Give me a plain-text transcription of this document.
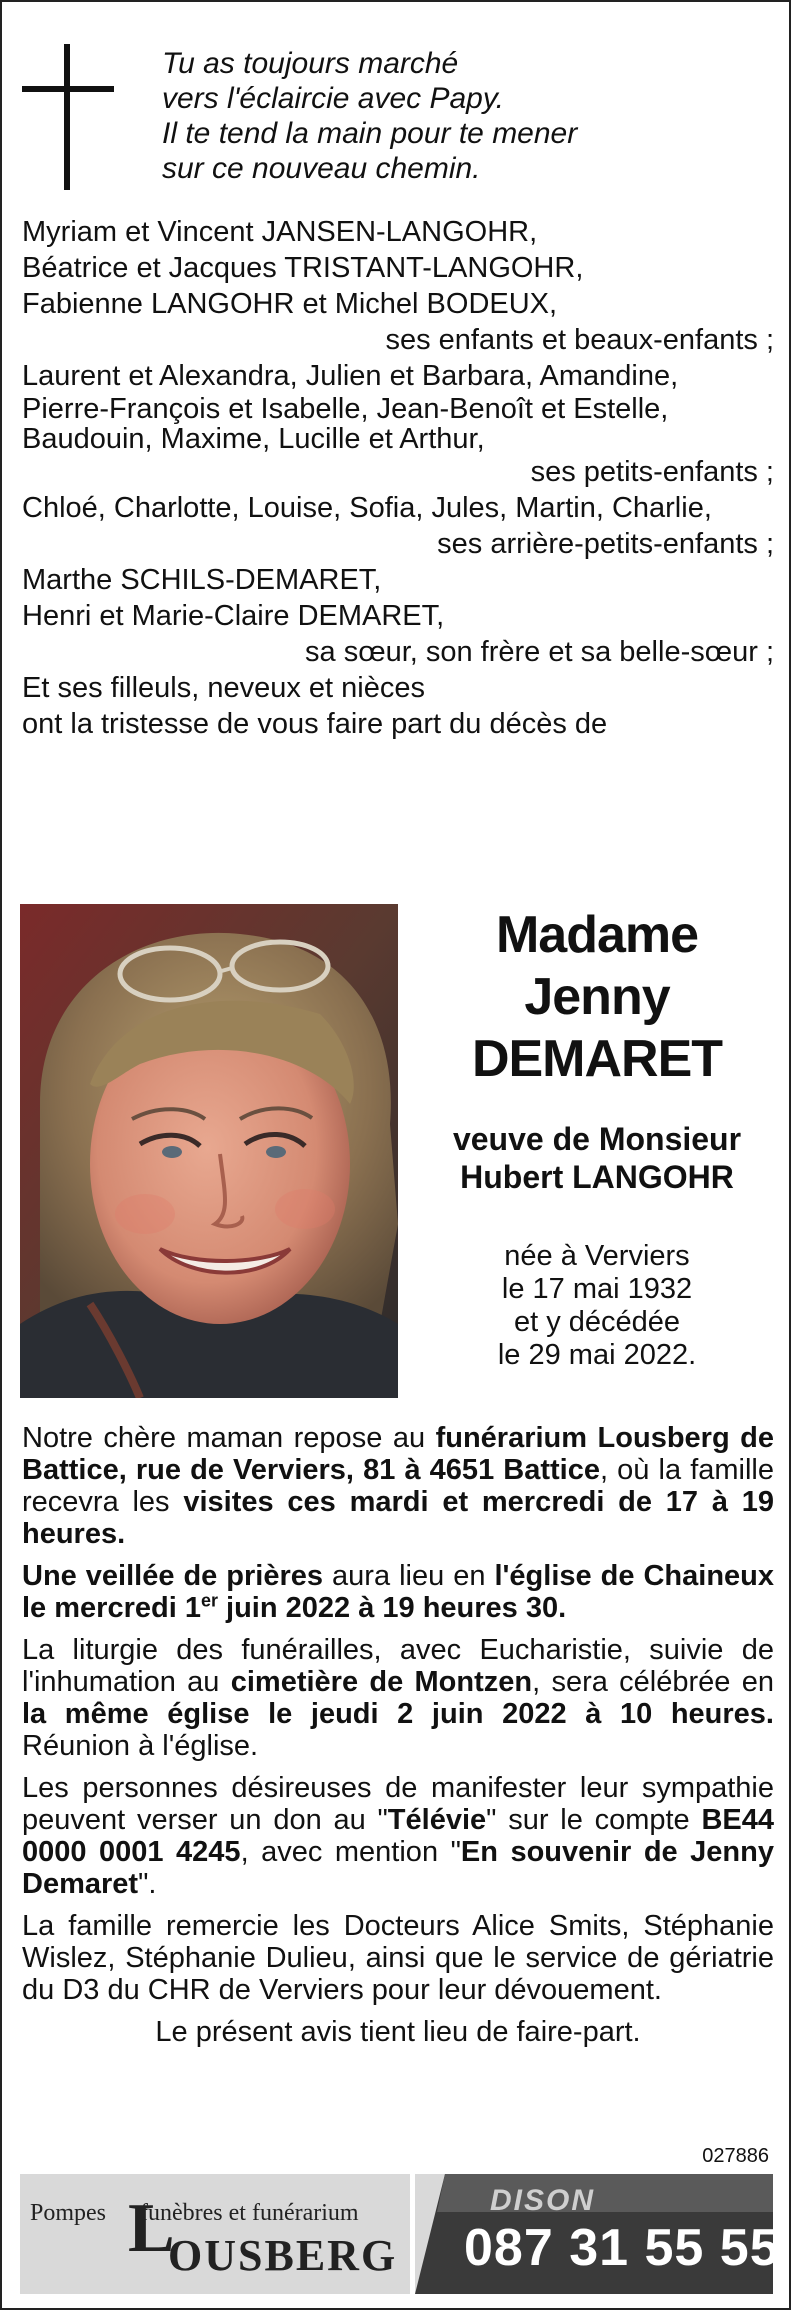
Tu as toujours marché
vers l'éclaircie avec Papy.
Il te tend la main pour te mener
sur ce nouveau chemin.
Myriam et Vincent JANSEN-LANGOHR,
Béatrice et Jacques TRISTANT-LANGOHR,
Fabienne LANGOHR et Michel BODEUX,
ses enfants et beaux-enfants ;
Laurent et Alexandra, Julien et Barbara, Amandine,
Pierre-François et Isabelle, Jean-Benoît et Estelle,
Baudouin, Maxime, Lucille et Arthur,
ses petits-enfants ;
Chloé, Charlotte, Louise, Sofia, Jules, Martin, Charlie,
ses arrière-petits-enfants ;
Marthe SCHILS-DEMARET,
Henri et Marie-Claire DEMARET,
sa sœur, son frère et sa belle-sœur ;
Et ses filleuls, neveux et nièces
ont la tristesse de vous faire part du décès de
Madame
Jenny
DEMARET
veuve de Monsieur
Hubert LANGOHR
née à Verviers
le 17 mai 1932
et y décédée
le 29 mai 2022.

Notre chère maman repose au funérarium Lousberg de Battice, rue de Verviers, 81 à 4651 Battice, où la famille recevra les visites ces mardi et mercredi de 17 à 19 heures.

Une veillée de prières aura lieu en l'église de Chaineux le mercredi 1er juin 2022 à 19 heures 30.

La liturgie des funérailles, avec Eucharistie, suivie de l'inhumation au cimetière de Montzen, sera célébrée en la même église le jeudi 2 juin 2022 à 10 heures. Réunion à l'église.

Les personnes désireuses de manifester leur sympathie peuvent verser un don au "Télévie" sur le compte BE44 0000 0001 4245, avec mention "En souvenir de Jenny Demaret".

La famille remercie les Docteurs Alice Smits, Stéphanie Wislez, Stéphanie Dulieu, ainsi que le service de gériatrie du D3 du CHR de Verviers pour leur dévouement.

Le présent avis tient lieu de faire-part.
027886
Pompes L
funèbres et funérarium
OUSBERG
DISON
087 31 55 55
